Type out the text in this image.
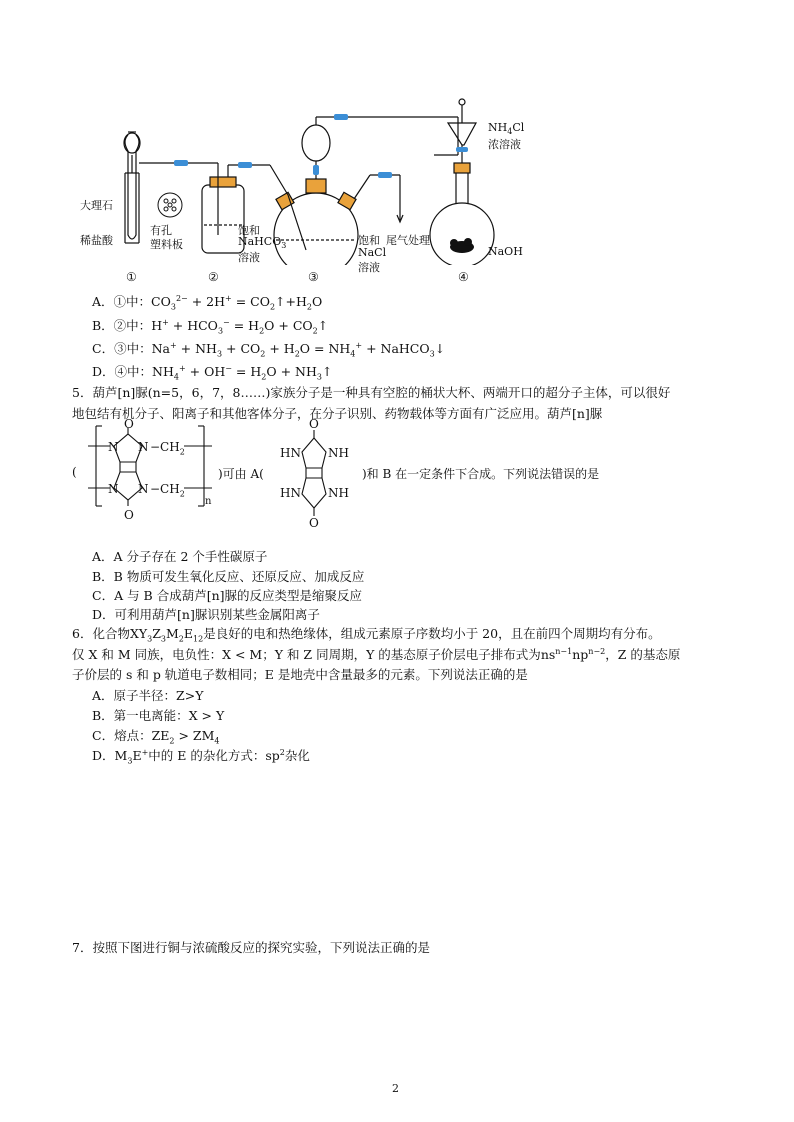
大理石
稀盐酸
有孔
塑料板
饱和
NaHCO$_3$
溶液
饱和 尾气处理
NaCl
溶液
$NH_4Cl$
浓溶液
NaOH
①	②	③	④
A．①中：$CO_3^{2-} + 2H^+$ = $CO_2↑+H_2O$
B．②中：$H^+ + HCO_3^- = H_2O$ + $CO_2↑$
C．③中：$Na^+ + NH_3 + CO_2 + H_2O = NH_4^+$ + NaHCO$_3$↓
D．④中：$NH_4^+ + OH^- = H_2O$ + $NH_3↑$
5．葫芦[n]脲(n=5，6，7，8……)家族分子是一种具有空腔的桶状大杯、两端开口的超分子主体，可以很好
地包结有机分子、阳离子和其他客体分子，在分子识别、药物载体等方面有广泛应用。葫芦[n]脲
(
O
N $N -CH_2$
N $N -CH_2$
O
n
)可由 A(
O
HN NH
HN NH
O
)和 B 在一定条件下合成。下列说法错误的是
A．A 分子存在 2 个手性碳原子
B．B 物质可发生氧化反应、还原反应、加成反应
C．A 与 B 合成葫芦[n]脲的反应类型是缩聚反应
D．可利用葫芦[n]脲识别某些金属阳离子
6．化合物$XY_3Z_3M_2E_{12}$是良好的电和热绝缘体，组成元素原子序数均小于 20，且在前四个周期均有分布。
仅 X 和 M 同族，电负性：X < M；Y 和 Z 同周期，Y 的基态原子价层电子排布式为$ns^{n-1}np^{n-2}$，Z 的基态原
子价层的 s 和 p 轨道电子数相同；E 是地壳中含量最多的元素。下列说法正确的是
A．原子半径：Z>Y
B．第一电离能：X > Y
C．熔点：$ZE_2 > ZM_4$
D．$M_3E^+$中的 E 的杂化方式：$sp^2$杂化
7．按照下图进行铜与浓硫酸反应的探究实验，下列说法正确的是
2
